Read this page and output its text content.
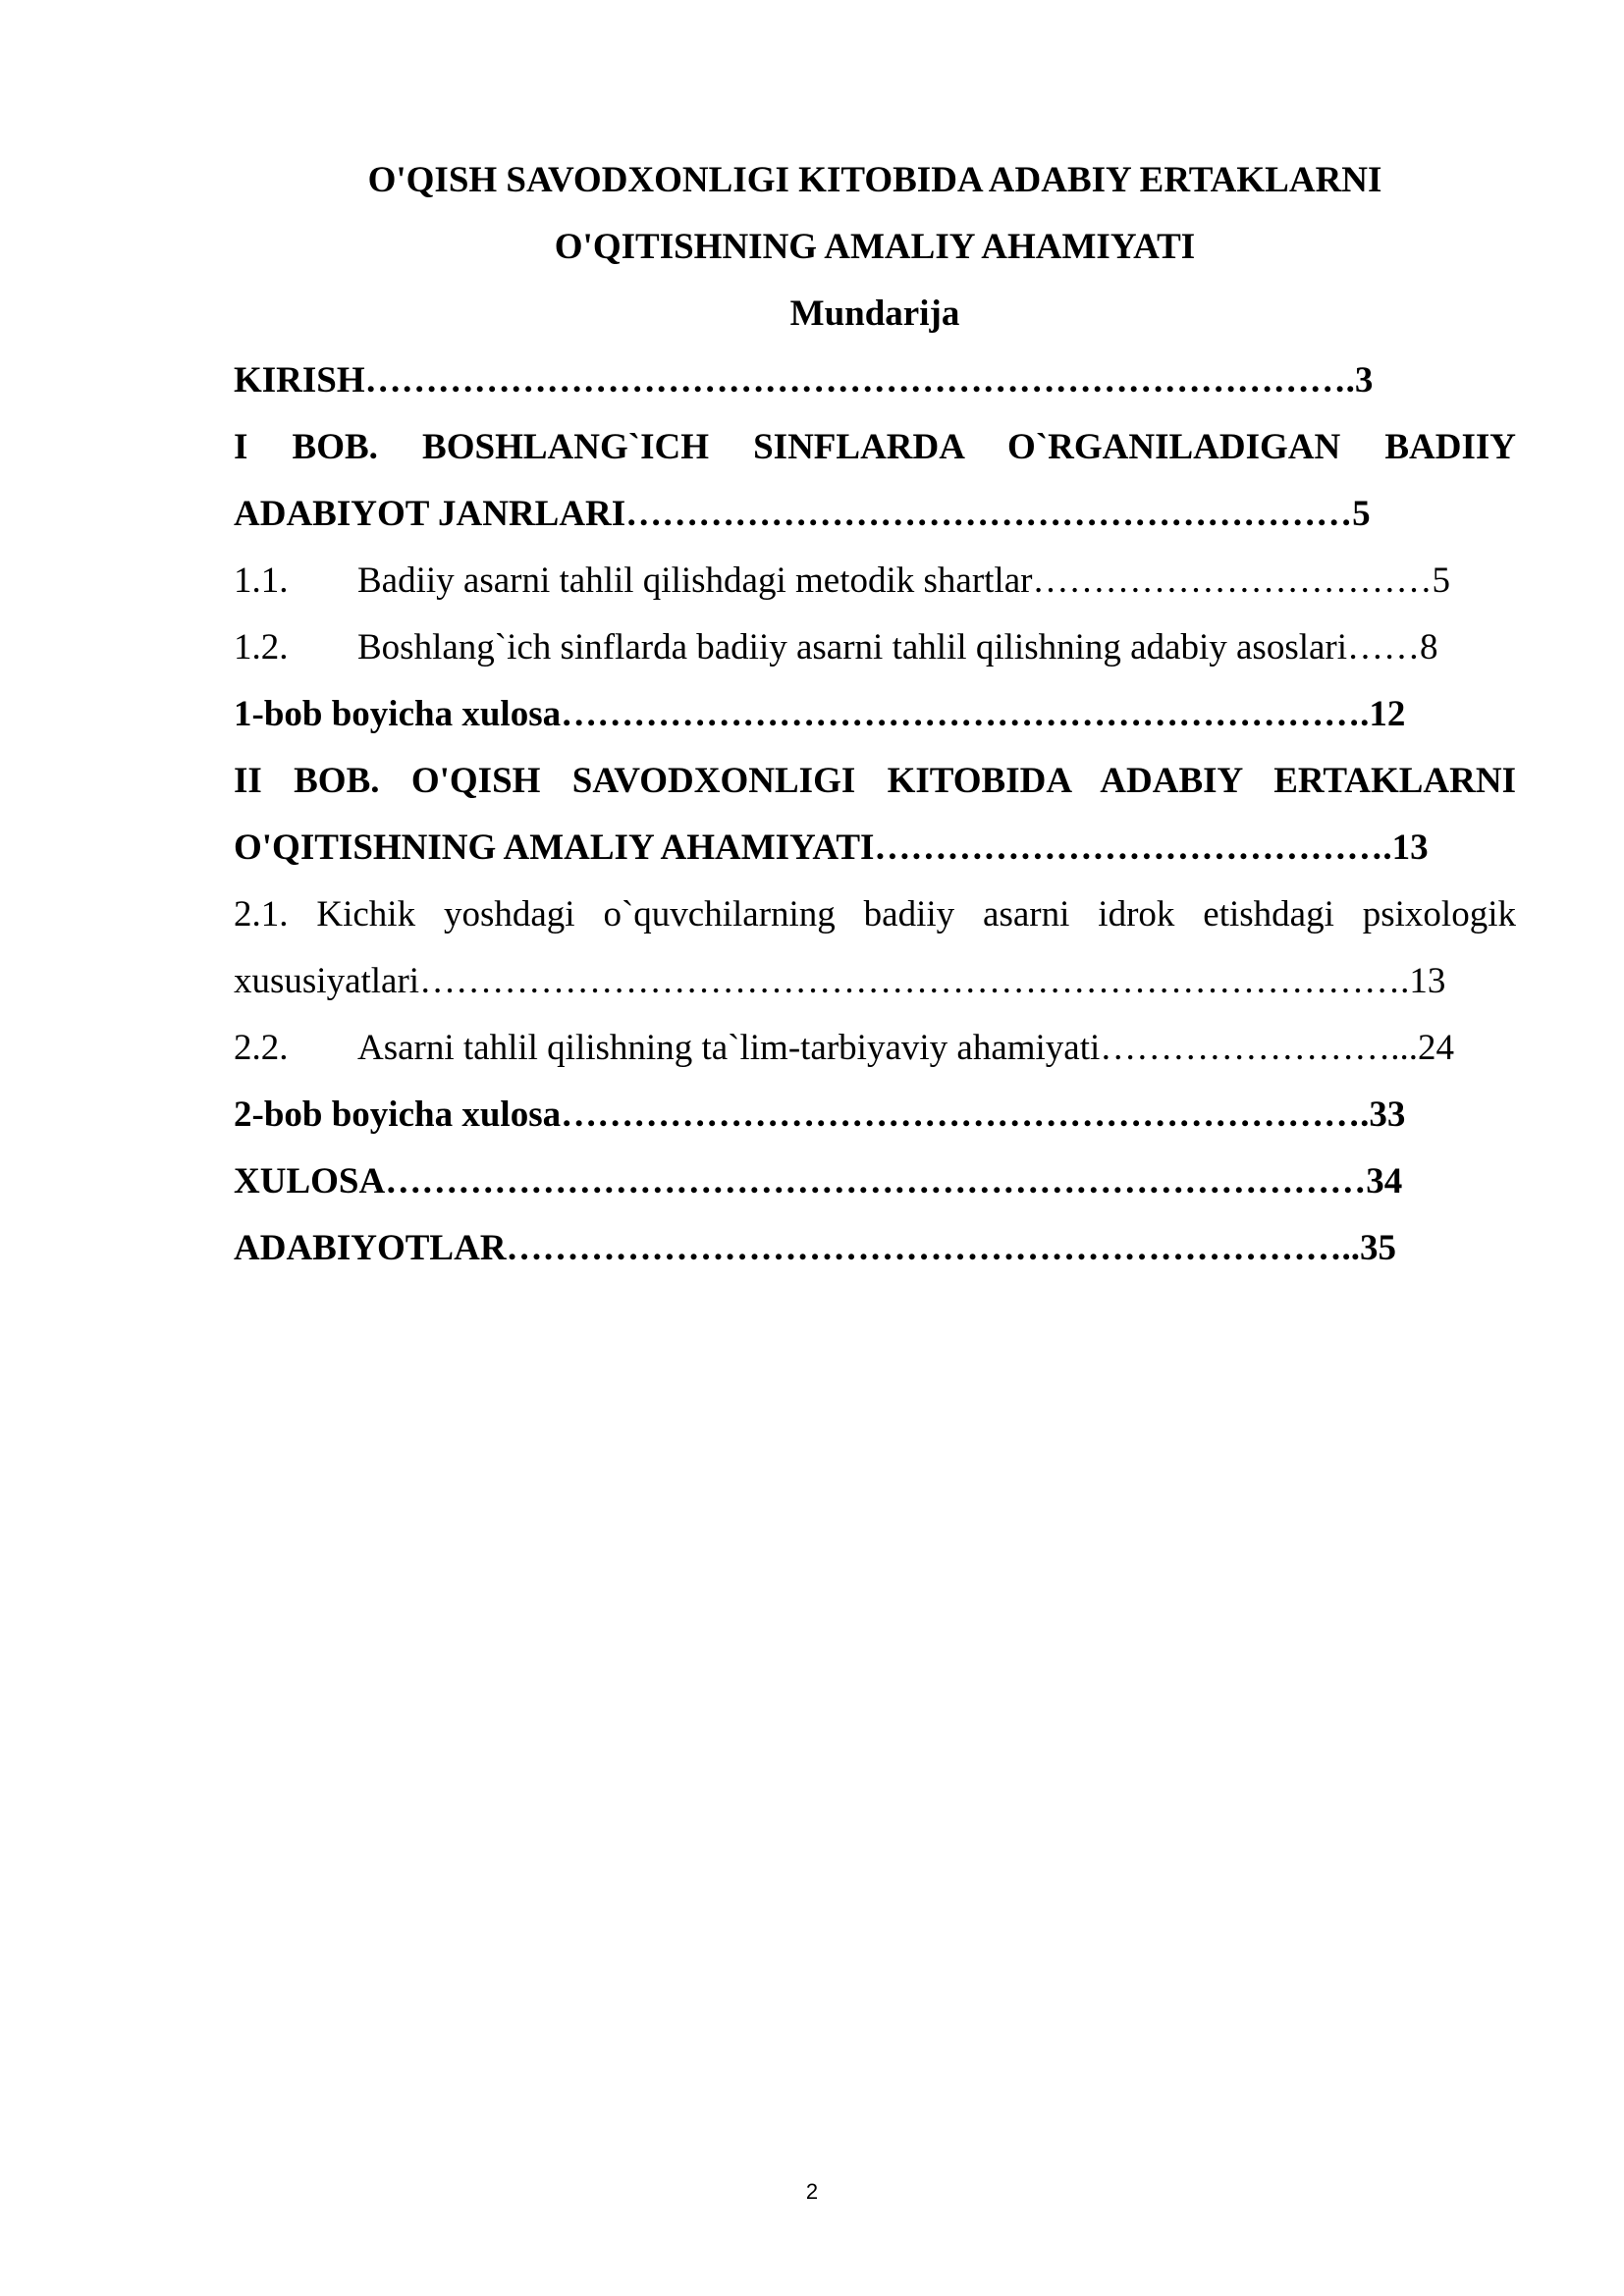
O'QISH SAVODXONLIGI KITOBIDA ADABIY ERTAKLARNI
O'QITISHNING AMALIY AHAMIYATI
Mundarija
KIRISH……………………………………………………………………….3
I BOB. BOSHLANG`ICH SINFLARDA O`RGANILADIGAN BADIIY
ADABIYOT JANRLARI……………………………………………………5
1.1. Badiiy asarni tahlil qilishdagi metodik shartlar……………………………5
1.2. Boshlang`ich sinflarda badiiy asarni tahlil qilishning adabiy asoslari……8
1-bob boyicha xulosa………………………………………………………….12
II BOB. O'QISH SAVODXONLIGI KITOBIDA ADABIY ERTAKLARNI
O'QITISHNING AMALIY AHAMIYATI…………………………………….13
2.1. Kichik yoshdagi o`quvchilarning badiiy asarni idrok etishdagi psixologik
xususiyatlari……………………………………………………………………….13
2.2. Asarni tahlil qilishning ta`lim-tarbiyaviy ahamiyati……………………...24
2-bob boyicha xulosa………………………………………………………….33
XULOSA………………………………………………………………………34
ADABIYOTLAR……………………………………………………………..35
2
